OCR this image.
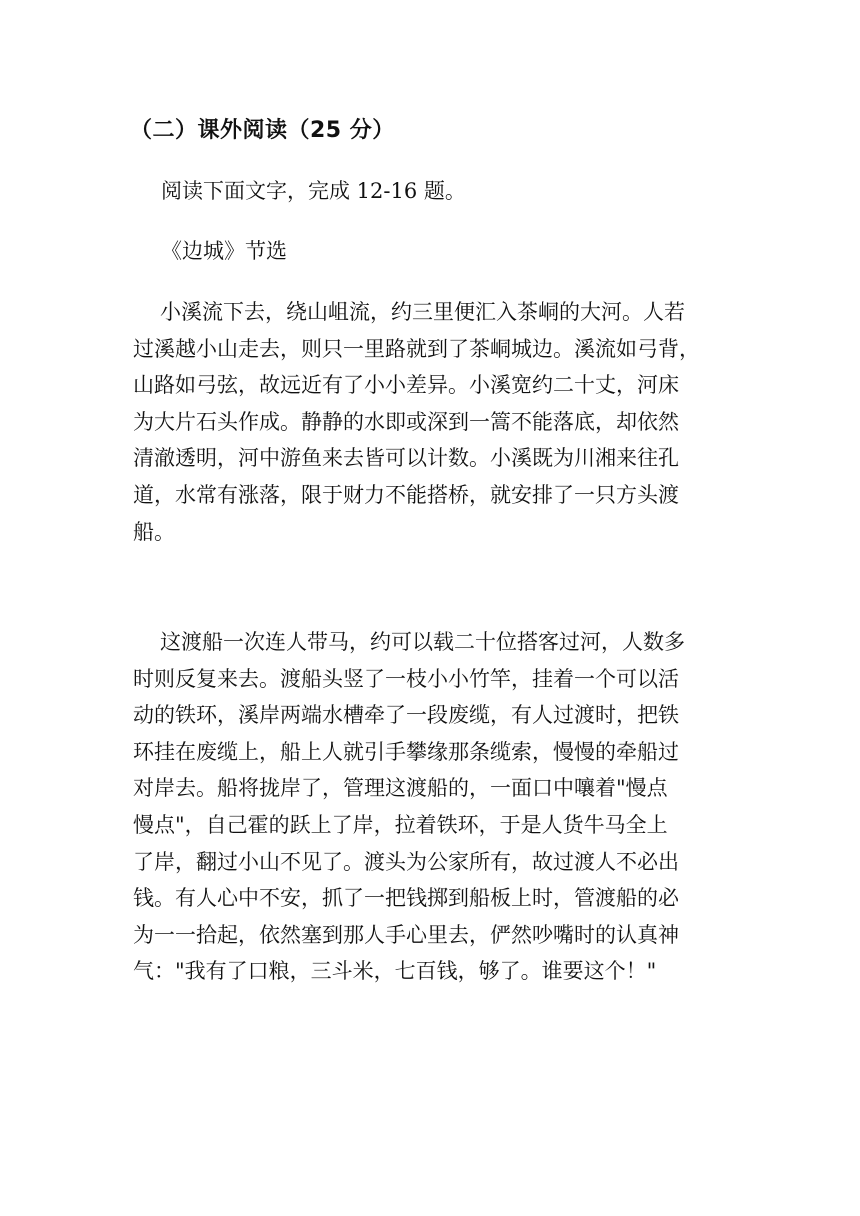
（二）课外阅读（25 分）
阅读下面文字，完成 12-16 题。
《边城》节选
小溪流下去，绕山岨流，约三里便汇入茶峒的大河。人若
过溪越小山走去，则只一里路就到了茶峒城边。溪流如弓背，
山路如弓弦，故远近有了小小差异。小溪宽约二十丈，河床
为大片石头作成。静静的水即或深到一篙不能落底，却依然
清澈透明，河中游鱼来去皆可以计数。小溪既为川湘来往孔
道，水常有涨落，限于财力不能搭桥，就安排了一只方头渡
船。
这渡船一次连人带马，约可以载二十位搭客过河，人数多
时则反复来去。渡船头竖了一枝小小竹竿，挂着一个可以活
动的铁环，溪岸两端水槽牵了一段废缆，有人过渡时，把铁
环挂在废缆上，船上人就引手攀缘那条缆索，慢慢的牵船过
对岸去。船将拢岸了，管理这渡船的，一面口中嚷着"慢点
慢点"，自己霍的跃上了岸，拉着铁环，于是人货牛马全上
了岸，翻过小山不见了。渡头为公家所有，故过渡人不必出
钱。有人心中不安，抓了一把钱掷到船板上时，管渡船的必
为一一拾起，依然塞到那人手心里去，俨然吵嘴时的认真神
气："我有了口粮，三斗米，七百钱，够了。谁要这个！"
